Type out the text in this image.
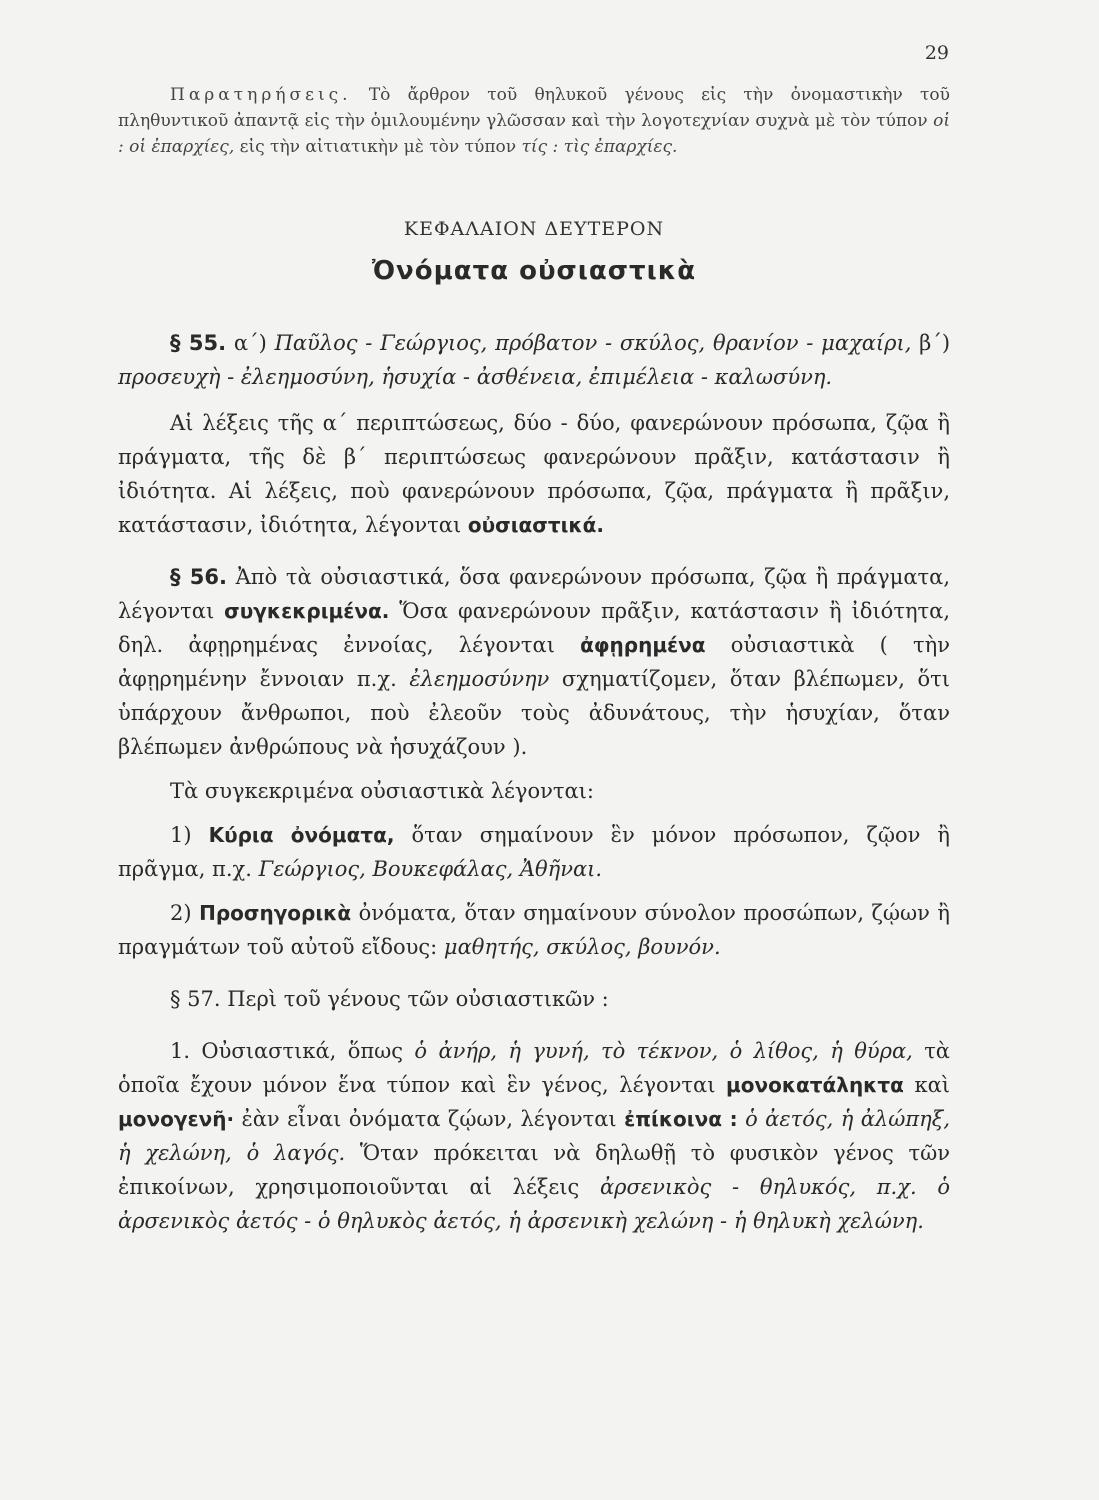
29

Παρατηρήσεις. Τὸ ἄρθρον τοῦ θηλυκοῦ γένους εἰς τὴν ὀνομαστικὴν τοῦ πληθυντικοῦ ἀπαντᾷ εἰς τὴν ὁμιλουμένην γλῶσσαν καὶ τὴν λογοτεχνίαν συχνὰ μὲ τὸν τύπον οἱ : οἱ ἐπαρχίες, εἰς τὴν αἰτιατικὴν μὲ τὸν τύπον τίς : τὶς ἐπαρχίες.

ΚΕΦΑΛΑΙΟΝ ΔΕΥΤΕΡΟΝ
Ὀνόματα οὐσιαστικὰ

§ 55. α΄) Παῦλος - Γεώργιος, πρόβατον - σκύλος, θρανίον - μαχαίρι, β΄) προσευχὴ - ἐλεημοσύνη, ἡσυχία - ἀσθένεια, ἐπιμέλεια - καλωσύνη.

Αἱ λέξεις τῆς α΄ περιπτώσεως, δύο - δύο, φανερώνουν πρόσωπα, ζῷα ἢ πράγματα, τῆς δὲ β΄ περιπτώσεως φανερώνουν πρᾶξιν, κατάστασιν ἢ ἰδιότητα. Αἱ λέξεις, ποὺ φανερώνουν πρόσωπα, ζῷα, πράγματα ἢ πρᾶξιν, κατάστασιν, ἰδιότητα, λέγονται οὐσιαστικά.

§ 56. Ἀπὸ τὰ οὐσιαστικά, ὅσα φανερώνουν πρόσωπα, ζῷα ἢ πράγματα, λέγονται συγκεκριμένα. Ὅσα φανερώνουν πρᾶξιν, κατάστασιν ἢ ἰδιότητα, δηλ. ἀφῃρημένας ἐννοίας, λέγονται ἀφῃρημένα οὐσιαστικὰ ( τὴν ἀφῃρημένην ἔννοιαν π.χ. ἐλεημοσύνην σχηματίζομεν, ὅταν βλέπωμεν, ὅτι ὑπάρχουν ἄνθρωποι, ποὺ ἐλεοῦν τοὺς ἀδυνάτους, τὴν ἡσυχίαν, ὅταν βλέπωμεν ἀνθρώπους νὰ ἡσυχάζουν ).

Τὰ συγκεκριμένα οὐσιαστικὰ λέγονται:

1) Κύρια ὀνόματα, ὅταν σημαίνουν ἓν μόνον πρόσωπον, ζῷον ἢ πρᾶγμα, π.χ. Γεώργιος, Βουκεφάλας, Ἀθῆναι.

2) Προσηγορικὰ ὀνόματα, ὅταν σημαίνουν σύνολον προσώπων, ζῴων ἢ πραγμάτων τοῦ αὐτοῦ εἴδους: μαθητής, σκύλος, βουνόν.

§ 57. Περὶ τοῦ γένους τῶν οὐσιαστικῶν :

1. Οὐσιαστικά, ὅπως ὁ ἀνήρ, ἡ γυνή, τὸ τέκνον, ὁ λίθος, ἡ θύρα, τὰ ὁποῖα ἔχουν μόνον ἕνα τύπον καὶ ἓν γένος, λέγονται μονοκατάληκτα καὶ μονογενῆ· ἐὰν εἶναι ὀνόματα ζῴων, λέγονται ἐπίκοινα : ὁ ἀετός, ἡ ἀλώπηξ, ἡ χελώνη, ὁ λαγός. Ὅταν πρόκειται νὰ δηλωθῇ τὸ φυσικὸν γένος τῶν ἐπικοίνων, χρησιμοποιοῦνται αἱ λέξεις ἀρσενικὸς - θηλυκός, π.χ. ὁ ἀρσενικὸς ἀετός - ὁ θηλυκὸς ἀετός, ἡ ἀρσενικὴ χελώνη - ἡ θηλυκὴ χελώνη.
